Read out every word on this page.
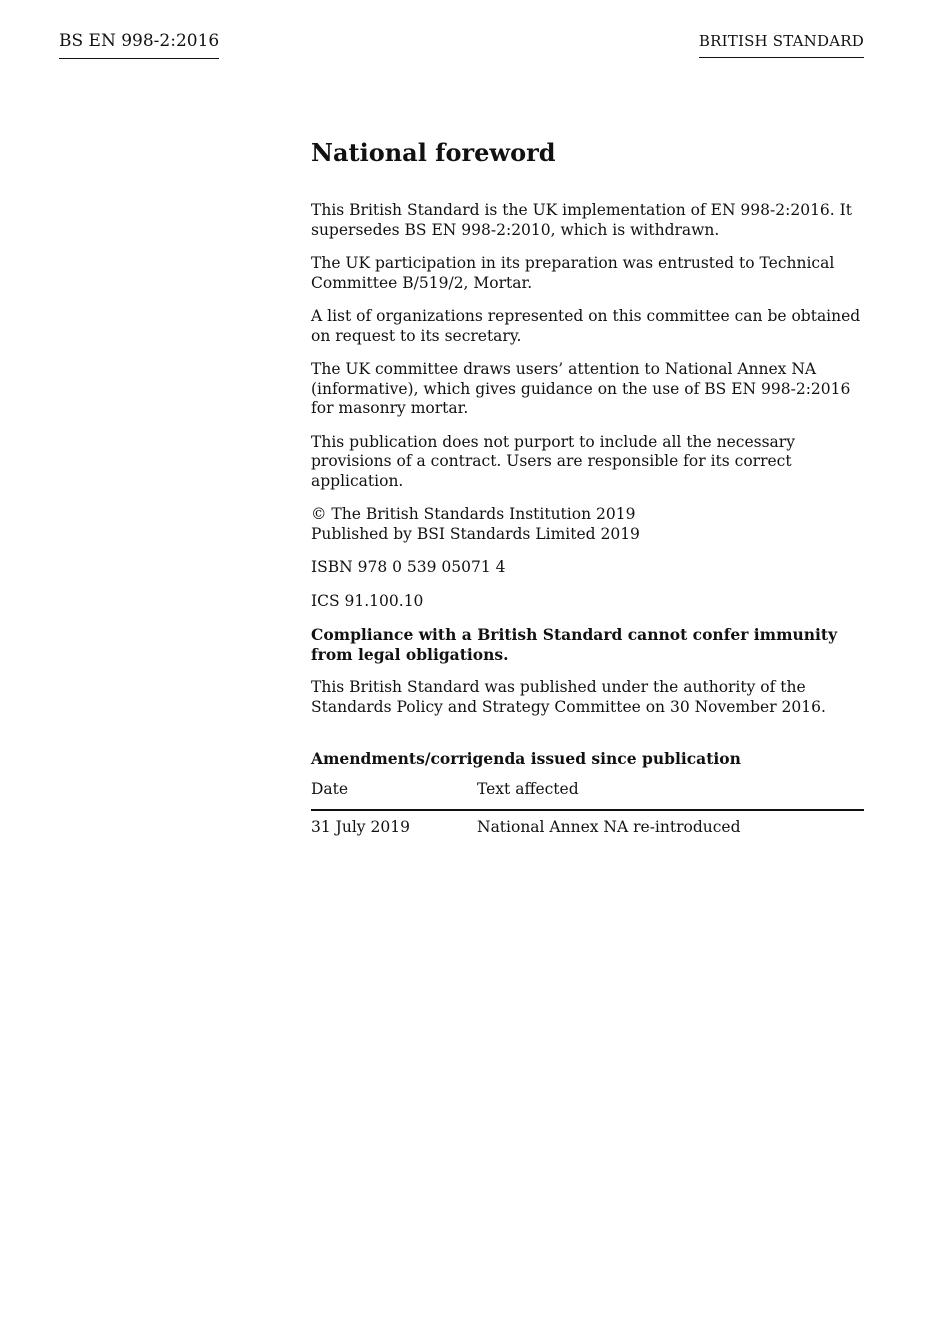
BS EN 998-2:2016	BRITISH STANDARD
National foreword

This British Standard is the UK implementation of EN 998-2:2016. It supersedes BS EN 998-2:2010, which is withdrawn.

The UK participation in its preparation was entrusted to Technical Committee B/519/2, Mortar.

A list of organizations represented on this committee can be obtained on request to its secretary.

The UK committee draws users’ attention to National Annex NA (informative), which gives guidance on the use of BS EN 998-2:2016 for masonry mortar.

This publication does not purport to include all the necessary provisions of a contract. Users are responsible for its correct application.

© The British Standards Institution 2019
Published by BSI Standards Limited 2019

ISBN 978 0 539 05071 4

ICS 91.100.10

Compliance with a British Standard cannot confer immunity from legal obligations.

This British Standard was published under the authority of the Standards Policy and Strategy Committee on 30 November 2016.

Amendments/corrigenda issued since publication
Date	Text affected
31 July 2019	National Annex NA re-introduced
